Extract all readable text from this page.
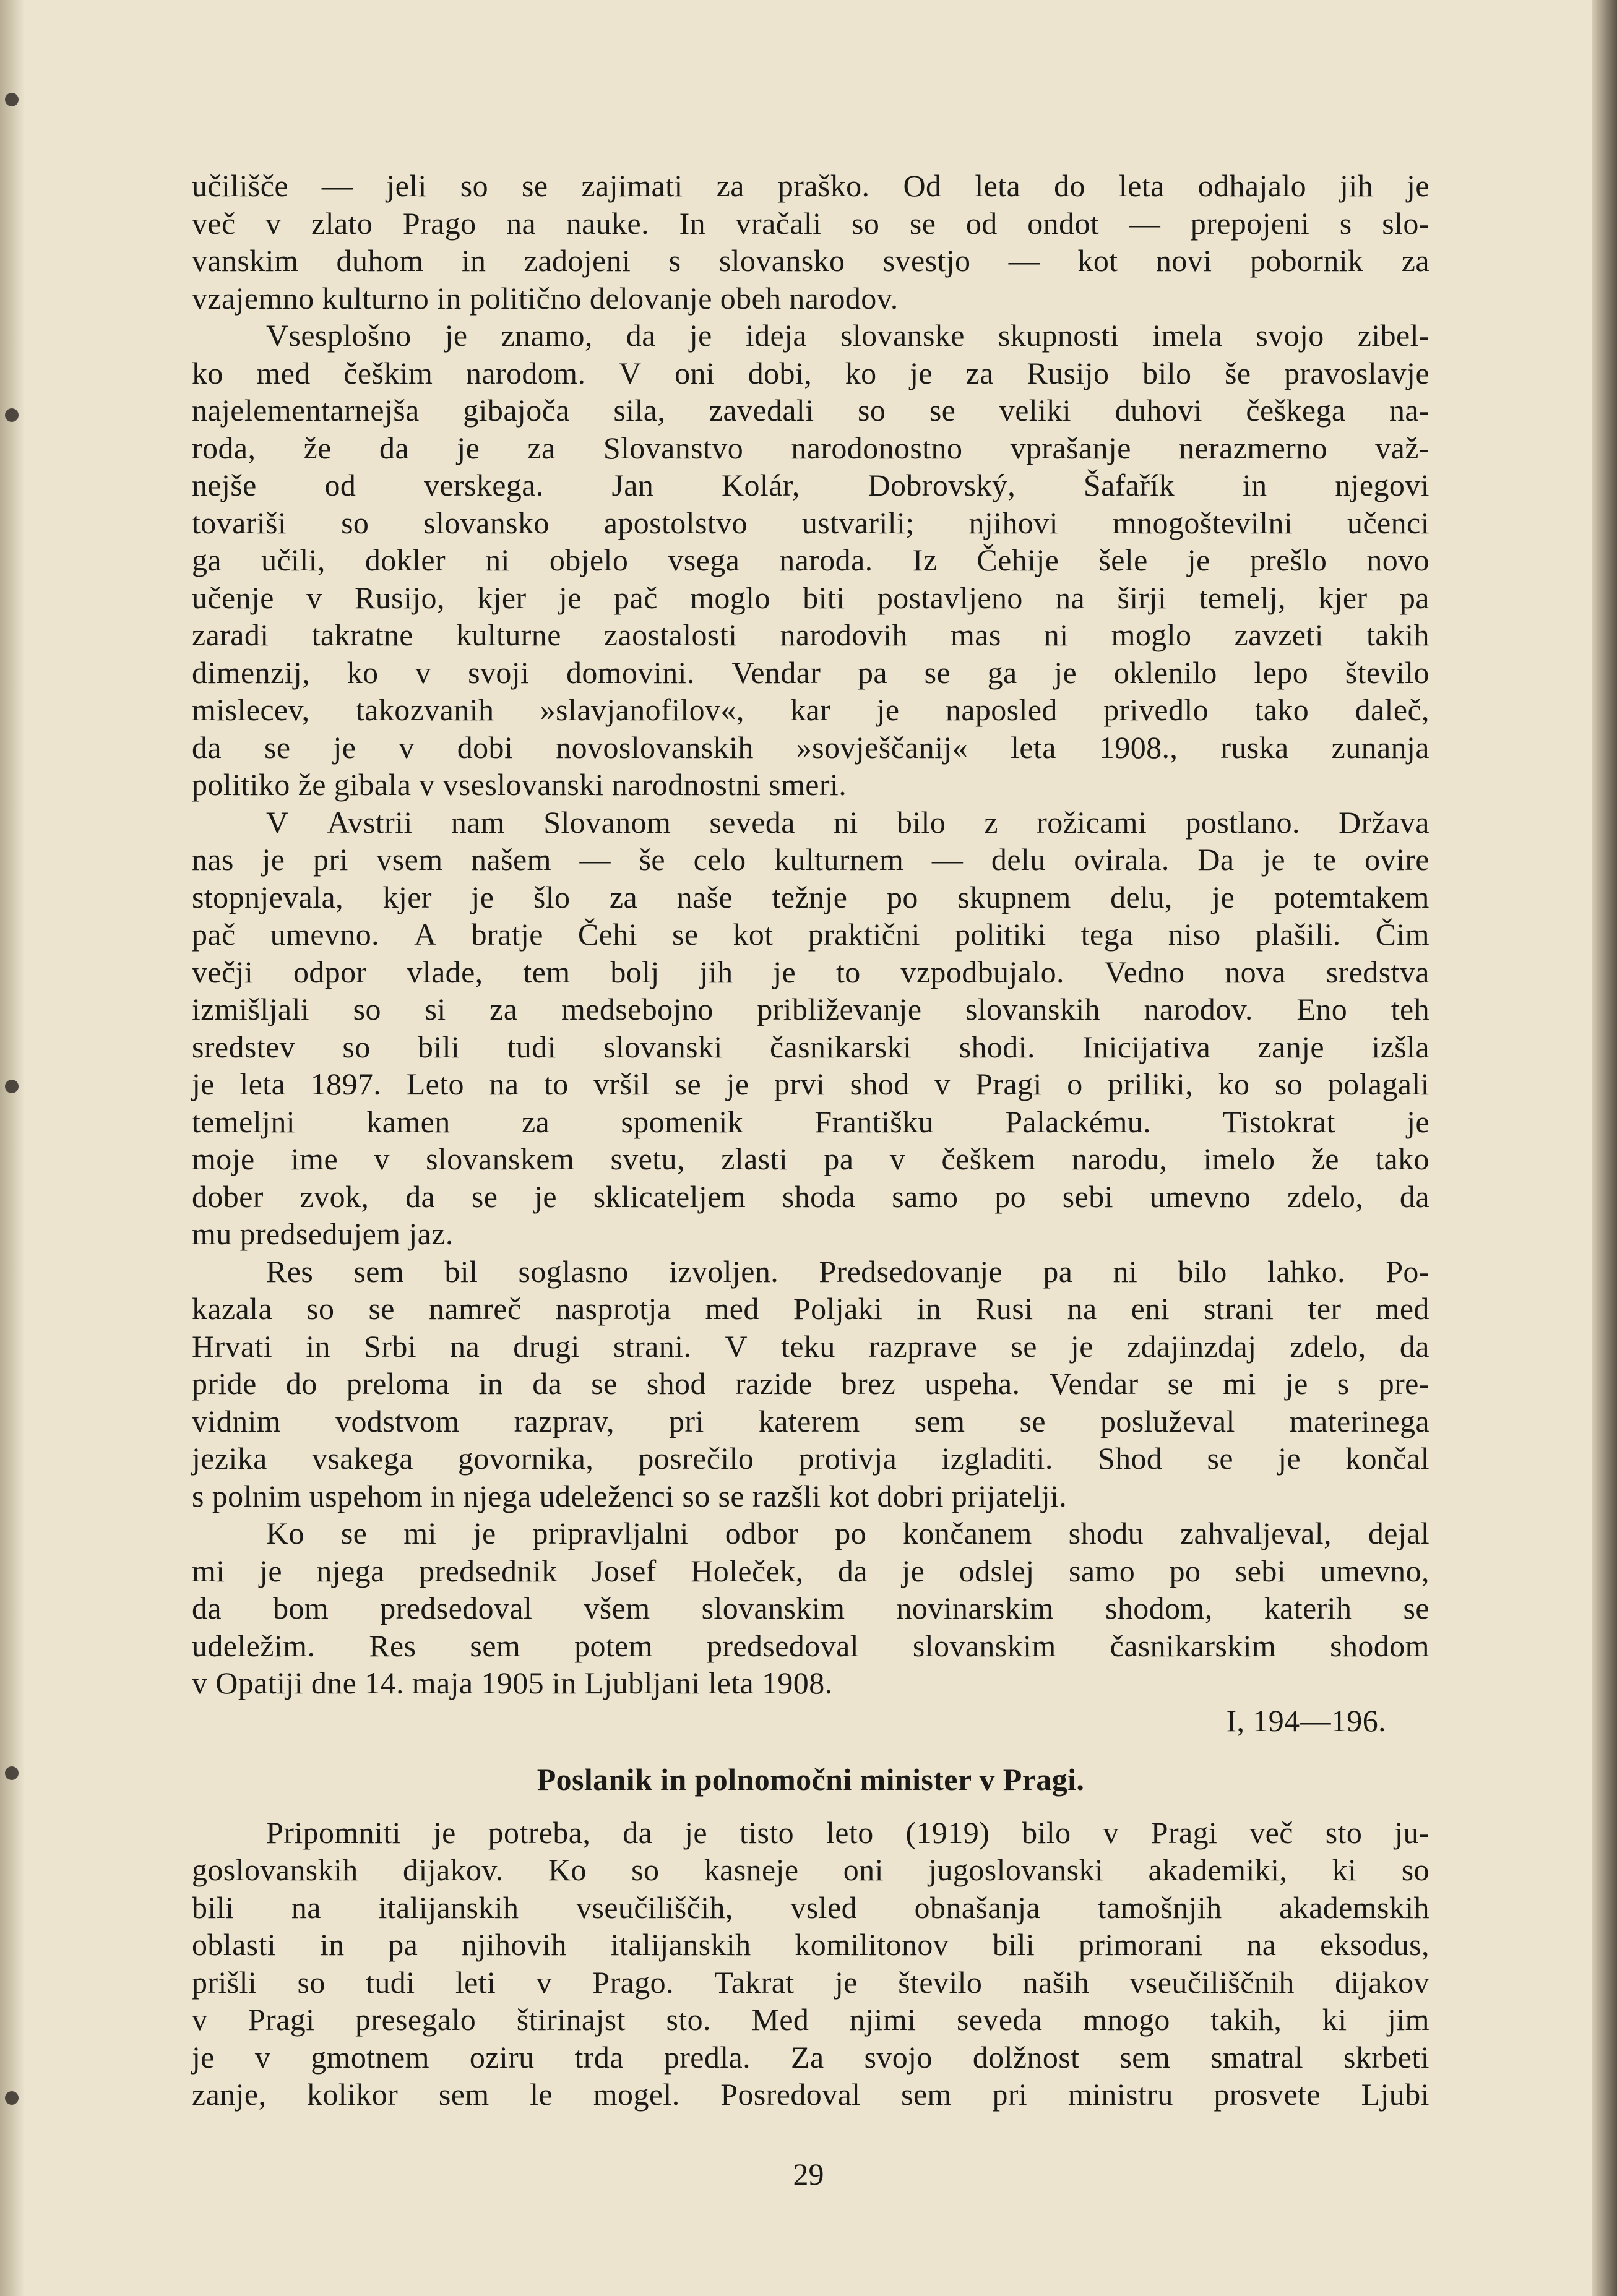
učilišče — jeli so se zajimati za praško. Od leta do leta odhajalo jih je
več v zlato Prago na nauke. In vračali so se od ondot — prepojeni s slo-
vanskim duhom in zadojeni s slovansko svestjo — kot novi pobornik za
vzajemno kulturno in politično delovanje obeh narodov.
Vsesplošno je znamo, da je ideja slovanske skupnosti imela svojo zibel-
ko med češkim narodom. V oni dobi, ko je za Rusijo bilo še pravoslavje
najelementarnejša gibajoča sila, zavedali so se veliki duhovi češkega na-
roda, že da je za Slovanstvo narodonostno vprašanje nerazmerno važ-
nejše od verskega. Jan Kolár, Dobrovský, Šafařík in njegovi
tovariši so slovansko apostolstvo ustvarili; njihovi mnogoštevilni učenci
ga učili, dokler ni objelo vsega naroda. Iz Čehije šele je prešlo novo
učenje v Rusijo, kjer je pač moglo biti postavljeno na širji temelj, kjer pa
zaradi takratne kulturne zaostalosti narodovih mas ni moglo zavzeti takih
dimenzij, ko v svoji domovini. Vendar pa se ga je oklenilo lepo število
mislecev, takozvanih »slavjanofilov«, kar je naposled privedlo tako daleč,
da se je v dobi novoslovanskih »sovješčanij« leta 1908., ruska zunanja
politiko že gibala v vseslovanski narodnostni smeri.
V Avstrii nam Slovanom seveda ni bilo z rožicami postlano. Država
nas je pri vsem našem — še celo kulturnem — delu ovirala. Da je te ovire
stopnjevala, kjer je šlo za naše težnje po skupnem delu, je potemtakem
pač umevno. A bratje Čehi se kot praktični politiki tega niso plašili. Čim
večji odpor vlade, tem bolj jih je to vzpodbujalo. Vedno nova sredstva
izmišljali so si za medsebojno približevanje slovanskih narodov. Eno teh
sredstev so bili tudi slovanski časnikarski shodi. Inicijativa zanje izšla
je leta 1897. Leto na to vršil se je prvi shod v Pragi o priliki, ko so polagali
temeljni kamen za spomenik Františku Palackému. Tistokrat je
moje ime v slovanskem svetu, zlasti pa v češkem narodu, imelo že tako
dober zvok, da se je sklicateljem shoda samo po sebi umevno zdelo, da
mu predsedujem jaz.
Res sem bil soglasno izvoljen. Predsedovanje pa ni bilo lahko. Po-
kazala so se namreč nasprotja med Poljaki in Rusi na eni strani ter med
Hrvati in Srbi na drugi strani. V teku razprave se je zdajinzdaj zdelo, da
pride do preloma in da se shod razide brez uspeha. Vendar se mi je s pre-
vidnim vodstvom razprav, pri katerem sem se posluževal materinega
jezika vsakega govornika, posrečilo protivja izgladiti. Shod se je končal
s polnim uspehom in njega udeleženci so se razšli kot dobri prijatelji.
Ko se mi je pripravljalni odbor po končanem shodu zahvaljeval, dejal
mi je njega predsednik Josef Holeček, da je odslej samo po sebi umevno,
da bom predsedoval všem slovanskim novinarskim shodom, katerih se
udeležim. Res sem potem predsedoval slovanskim časnikarskim shodom
v Opatiji dne 14. maja 1905 in Ljubljani leta 1908.
I, 194—196.
Poslanik in polnomočni minister v Pragi.
Pripomniti je potreba, da je tisto leto (1919) bilo v Pragi več sto ju-
goslovanskih dijakov. Ko so kasneje oni jugoslovanski akademiki, ki so
bili na italijanskih vseučiliščih, vsled obnašanja tamošnjih akademskih
oblasti in pa njihovih italijanskih komilitonov bili primorani na eksodus,
prišli so tudi leti v Prago. Takrat je število naših vseučiliščnih dijakov
v Pragi presegalo štirinajst sto. Med njimi seveda mnogo takih, ki jim
je v gmotnem oziru trda predla. Za svojo dolžnost sem smatral skrbeti
zanje, kolikor sem le mogel. Posredoval sem pri ministru prosvete Ljubi
29
